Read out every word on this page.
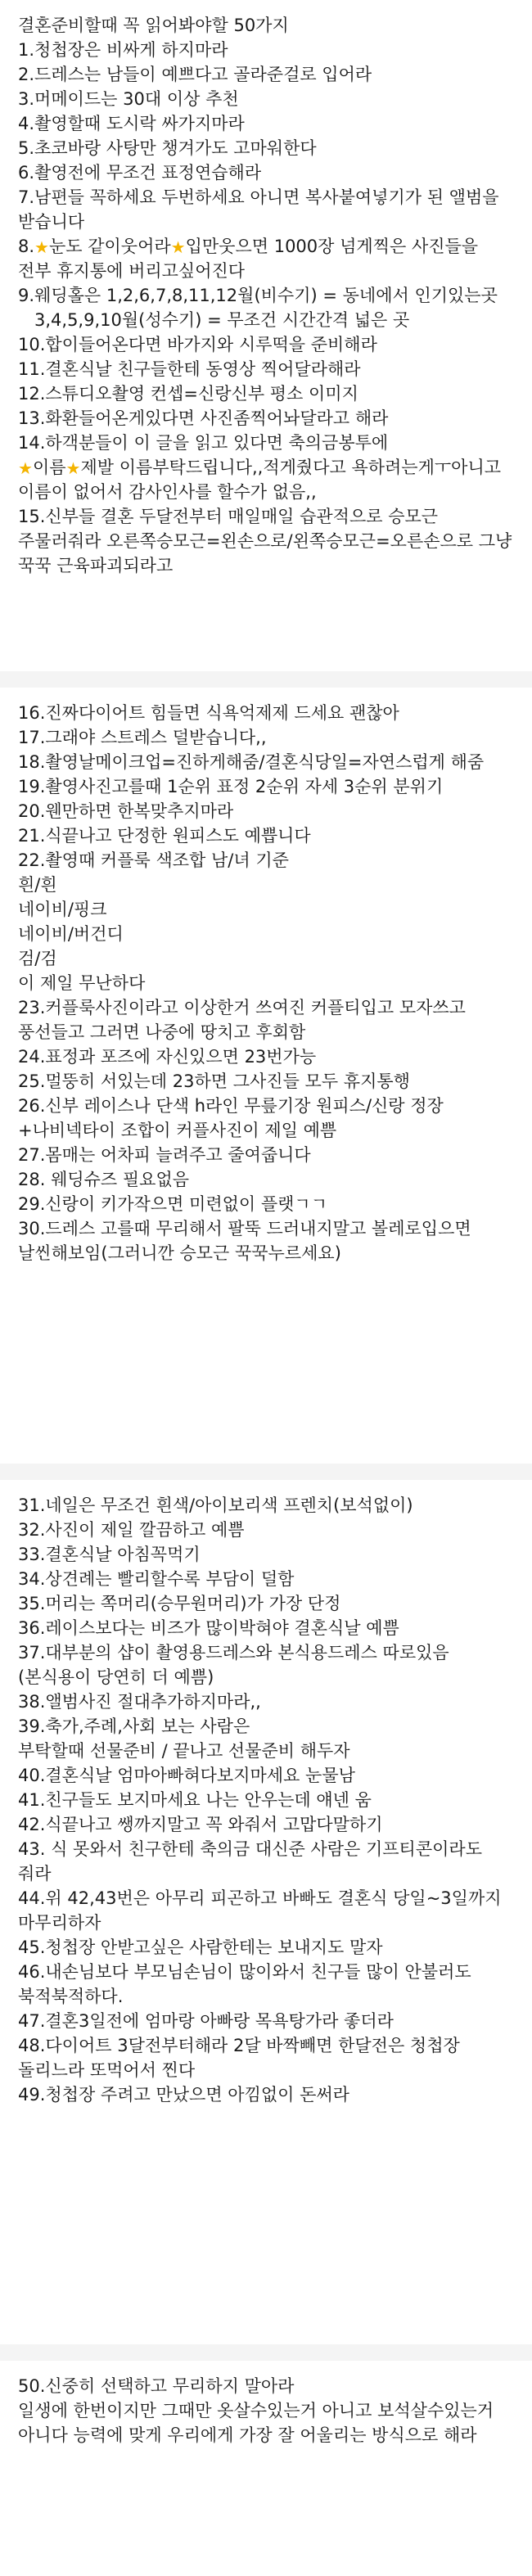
결혼준비할때 꼭 읽어봐야할 50가지

1.청첩장은 비싸게 하지마라

2.드레스는 남들이 예쁘다고 골라준걸로 입어라

3.머메이드는 30대 이상 추천

4.촬영할때 도시락 싸가지마라

5.초코바랑 사탕만 챙겨가도 고마워한다

6.촬영전에 무조건 표정연습해라

7.남편들 꼭하세요 두번하세요 아니면 복사붙여넣기가 된 앨범을 받습니다

8.★눈도 같이웃어라★입만웃으면 1000장 넘게찍은 사진들을 전부 휴지통에 버리고싶어진다

9.웨딩홀은 1,2,6,7,8,11,12월(비수기) = 동네에서 인기있는곳

3,4,5,9,10월(성수기) = 무조건 시간간격 넓은 곳

10.합이들어온다면 바가지와 시루떡을 준비해라

11.결혼식날 친구들한테 동영상 찍어달라해라

12.스튜디오촬영 컨셉=신랑신부 평소 이미지

13.화환들어온게있다면 사진좀찍어놔달라고 해라

14.하객분들이 이 글을 읽고 있다면 축의금봉투에

★이름★제발 이름부탁드립니다,,적게줬다고 욕하려는게ㅜ아니고 이름이 없어서 감사인사를 할수가 없음,,

15.신부들 결혼 두달전부터 매일매일 습관적으로 승모근 주물러줘라 오른쪽승모근=왼손으로/왼쪽승모근=오른손으로 그냥 꾹꾹 근육파괴되라고

16.진짜다이어트 힘들면 식욕억제제 드세요 괜찮아

17.그래야 스트레스 덜받습니다,,

18.촬영날메이크업=진하게해줌/결혼식당일=자연스럽게 해줌

19.촬영사진고를때 1순위 표정 2순위 자세 3순위 분위기

20.웬만하면 한복맞추지마라

21.식끝나고 단정한 원피스도 예쁩니다

22.촬영때 커플룩 색조합 남/녀 기준

흰/흰

네이비/핑크

네이비/버건디

검/검

이 제일 무난하다

23.커플룩사진이라고 이상한거 쓰여진 커플티입고 모자쓰고 풍선들고 그러면 나중에 땅치고 후회함

24.표정과 포즈에 자신있으면 23번가능

25.멀뚱히 서있는데 23하면 그사진들 모두 휴지통행

26.신부 레이스나 단색 h라인 무릎기장 원피스/신랑 정장+나비넥타이 조합이 커플사진이 제일 예쁨

27.몸매는 어차피 늘려주고 줄여줍니다

28. 웨딩슈즈 필요없음

29.신랑이 키가작으면 미련없이 플랫ㄱㄱ

30.드레스 고를때 무리해서 팔뚝 드러내지말고 볼레로입으면 날씬해보임(그러니깐 승모근 꾹꾹누르세요)

31.네일은 무조건 흰색/아이보리색 프렌치(보석없이)

32.사진이 제일 깔끔하고 예쁨

33.결혼식날 아침꼭먹기

34.상견례는 빨리할수록 부담이 덜함

35.머리는 쪽머리(승무원머리)가 가장 단정

36.레이스보다는 비즈가 많이박혀야 결혼식날 예쁨

37.대부분의 샵이 촬영용드레스와 본식용드레스 따로있음 (본식용이 당연히 더 예쁨)

38.앨범사진 절대추가하지마라,,

39.축가,주례,사회 보는 사람은

부탁할때 선물준비 / 끝나고 선물준비 해두자

40.결혼식날 엄마아빠혀다보지마세요 눈물남

41.친구들도 보지마세요 나는 안우는데 얘넨 움

42.식끝나고 쌩까지말고 꼭 와줘서 고맙다말하기

43. 식 못와서 친구한테 축의금 대신준 사람은 기프티콘이라도 줘라

44.위 42,43번은 아무리 피곤하고 바빠도 결혼식 당일~3일까지 마무리하자

45.청첩장 안받고싶은 사람한테는 보내지도 말자

46.내손님보다 부모님손님이 많이와서 친구들 많이 안불러도 북적북적하다.

47.결혼3일전에 엄마랑 아빠랑 목욕탕가라 좋더라

48.다이어트 3달전부터해라 2달 바짝빼면 한달전은 청첩장 돌리느라 또먹어서 찐다

49.청첩장 주려고 만났으면 아낌없이 돈써라

50.신중히 선택하고 무리하지 말아라

일생에 한번이지만 그때만 옷살수있는거 아니고 보석살수있는거 아니다 능력에 맞게 우리에게 가장 잘 어울리는 방식으로 해라
